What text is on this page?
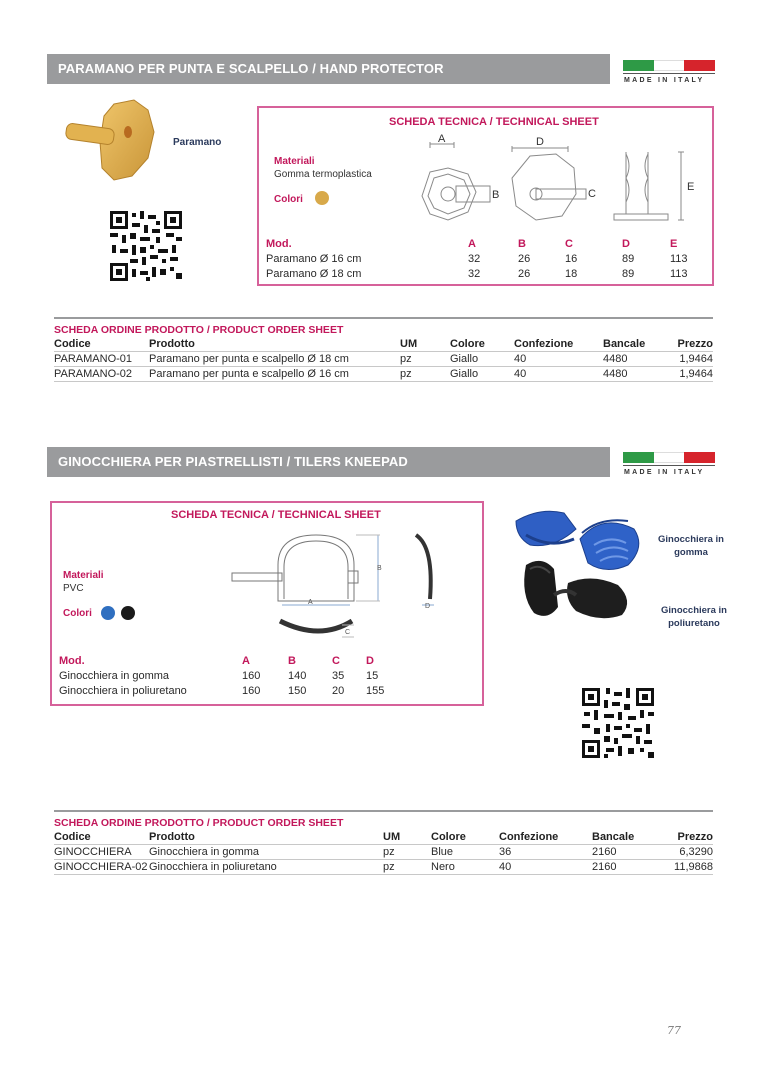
PARAMANO PER PUNTA E SCALPELLO / HAND PROTECTOR
MADE IN ITALY
Paramano
SCHEDA TECNICA / TECHNICAL SHEET
Materiali
Gomma termoplastica
Colori
A
B
D
C
E
Mod.	A	B	C	D	E
Paramano Ø 16 cm	32	26	16	89	113
Paramano Ø 18 cm	32	26	18	89	113
SCHEDA ORDINE PRODOTTO / PRODUCT ORDER SHEET
Codice	Prodotto	UM	Colore	Confezione	Bancale	Prezzo
PARAMANO-01 Paramano per punta e scalpello Ø 18 cm	pz	Giallo	40	4480	1,9464
PARAMANO-02 Paramano per punta e scalpello Ø 16 cm	pz	Giallo	40	4480	1,9464
GINOCCHIERA PER PIASTRELLISTI / TILERS KNEEPAD
MADE IN ITALY
SCHEDA TECNICA / TECHNICAL SHEET
Materiali
PVC
Colori
A
B
C
D
Mod.	A	B	C D
Ginocchiera in gomma	160	140 35 15
Ginocchiera in poliuretano	160	150 20 155
Ginocchiera in gomma
Ginocchiera in poliuretano
SCHEDA ORDINE PRODOTTO / PRODUCT ORDER SHEET
Codice	Prodotto	UM	Colore	Confezione	Bancale	Prezzo
GINOCCHIERA Ginocchiera in gomma	pz	Blue	36	2160	6,3290
GINOCCHIERA-02 Ginocchiera in poliuretano	pz	Nero	40	2160	11,9868
77
